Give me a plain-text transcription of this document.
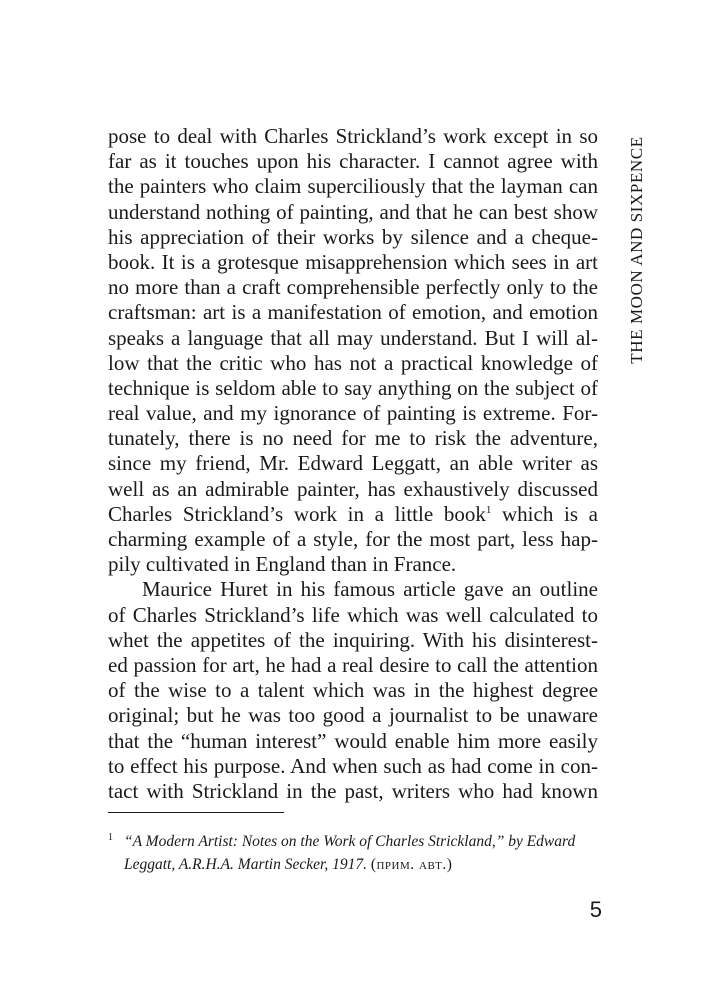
THE MOON AND SIXPENCE
pose to deal with Charles Strickland’s work except in so
far as it touches upon his character. I cannot agree with
the painters who claim superciliously that the layman can
understand nothing of painting, and that he can best show
his appreciation of their works by silence and a cheque-
book. It is a grotesque misapprehension which sees in art
no more than a craft comprehensible perfectly only to the
craftsman: art is a manifestation of emotion, and emotion
speaks a language that all may understand. But I will al-
low that the critic who has not a practical knowledge of
technique is seldom able to say anything on the subject of
real value, and my ignorance of painting is extreme. For-
tunately, there is no need for me to risk the adventure,
since my friend, Mr. Edward Leggatt, an able writer as
well as an admirable painter, has exhaustively discussed
Charles Strickland’s work in a little book$^1$ which is a
charming example of a style, for the most part, less hap-
pily cultivated in England than in France.
Maurice Huret in his famous article gave an outline
of Charles Strickland’s life which was well calculated to
whet the appetites of the inquiring. With his disinterest-
ed passion for art, he had a real desire to call the attention
of the wise to a talent which was in the highest degree
original; but he was too good a journalist to be unaware
that the “human interest” would enable him more easily
to effect his purpose. And when such as had come in con-
tact with Strickland in the past, writers who had known
1 “A Modern Artist: Notes on the Work of Charles Strickland,” by Edward
Leggatt, A.R.H.A. Martin Secker, 1917. (прим. авт.)
5
